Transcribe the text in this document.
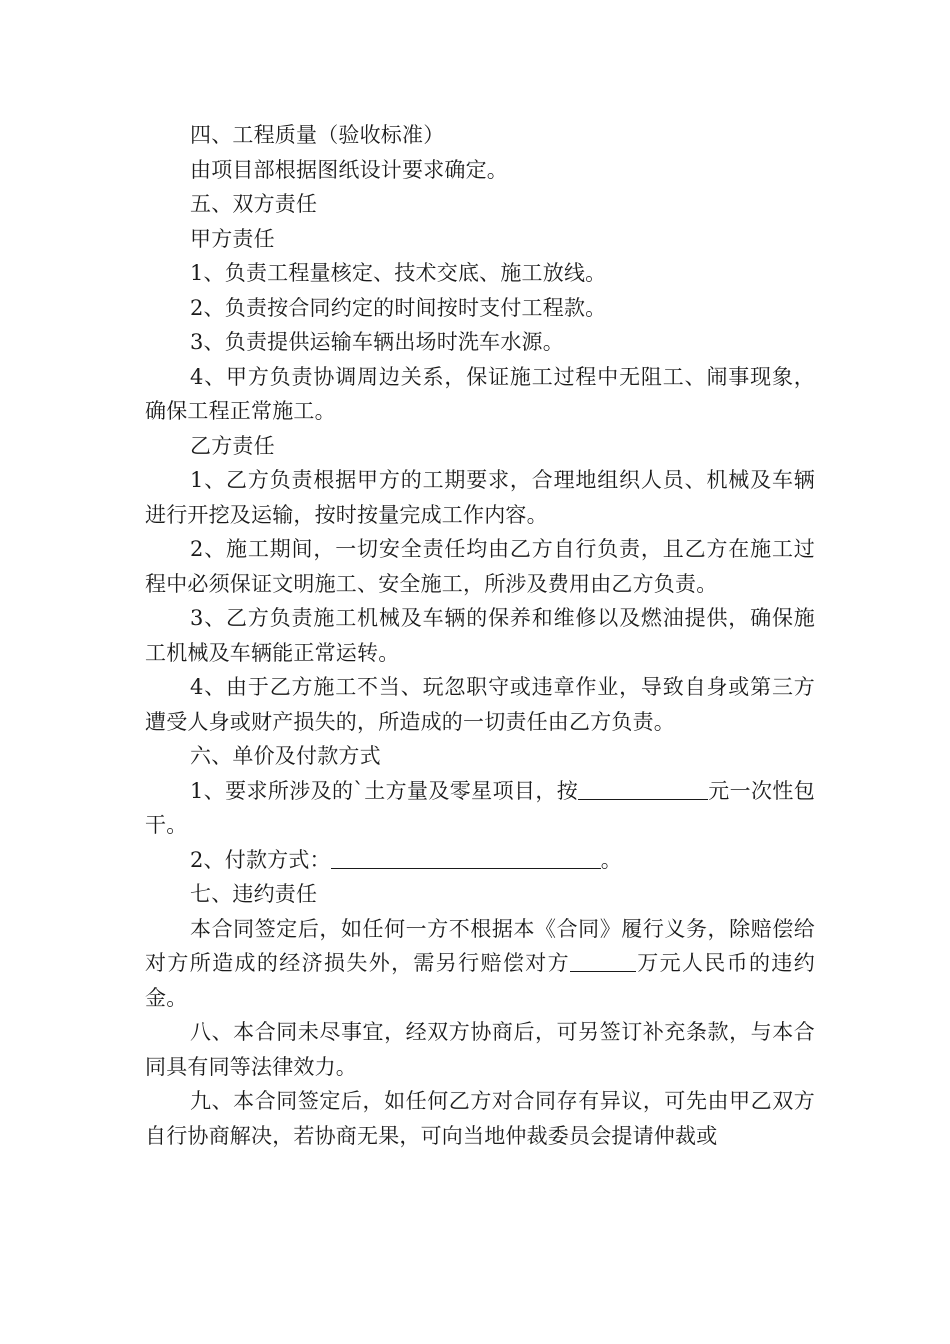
四、工程质量（验收标准）

由项目部根据图纸设计要求确定。

五、双方责任

甲方责任

1、负责工程量核定、技术交底、施工放线。

2、负责按合同约定的时间按时支付工程款。

3、负责提供运输车辆出场时洗车水源。

4、甲方负责协调周边关系，保证施工过程中无阻工、闹事现象，确保工程正常施工。

乙方责任

1、乙方负责根据甲方的工期要求，合理地组织人员、机械及车辆进行开挖及运输，按时按量完成工作内容。

2、施工期间，一切安全责任均由乙方自行负责，且乙方在施工过程中必须保证文明施工、安全施工，所涉及费用由乙方负责。

3、乙方负责施工机械及车辆的保养和维修以及燃油提供，确保施工机械及车辆能正常运转。

4、由于乙方施工不当、玩忽职守或违章作业，导致自身或第三方遭受人身或财产损失的，所造成的一切责任由乙方负责。

六、单价及付款方式

1、要求所涉及的`土方量及零星项目，按	元一次性包干。

2、付款方式：	。

七、违约责任

本合同签定后，如任何一方不根据本《合同》履行义务，除赔偿给对方所造成的经济损失外，需另行赔偿对方	万元人民币的违约金。

八、本合同未尽事宜，经双方协商后，可另签订补充条款，与本合同具有同等法律效力。

九、本合同签定后，如任何乙方对合同存有异议，可先由甲乙双方自行协商解决，若协商无果，可向当地仲裁委员会提请仲裁或
